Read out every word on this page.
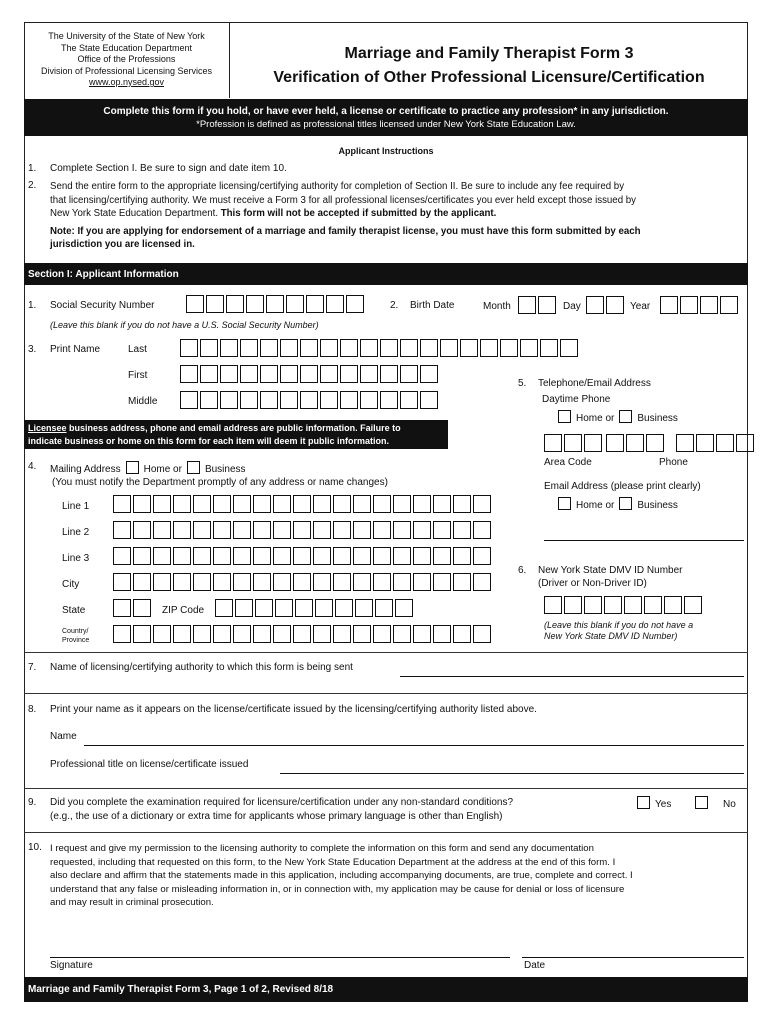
The University of the State of New York
The State Education Department
Office of the Professions
Division of Professional Licensing Services
www.op.nysed.gov
Marriage and Family Therapist Form 3
Verification of Other Professional Licensure/Certification
Complete this form if you hold, or have ever held, a license or certificate to practice any profession* in any jurisdiction.
*Profession is defined as professional titles licensed under New York State Education Law.
Applicant Instructions
1. Complete Section I. Be sure to sign and date item 10.
2. Send the entire form to the appropriate licensing/certifying authority for completion of Section II. Be sure to include any fee required by
that licensing/certifying authority. We must receive a Form 3 for all professional licenses/certificates you ever held except those issued by
New York State Education Department. This form will not be accepted if submitted by the applicant.
Note: If you are applying for endorsement of a marriage and family therapist license, you must have this form submitted by each
jurisdiction you are licensed in.
Section I: Applicant Information
1. Social Security Number
(Leave this blank if you do not have a U.S. Social Security Number)
2. Birth Date	Month	Day	Year
3. Print Name	Last
First
Middle
Licensee business address, phone and email address are public information. Failure to
indicate business or home on this form for each item will deem it public information.
5. Telephone/Email Address
Daytime Phone
Home or Business
Area Code	Phone
Email Address (please print clearly)
Home or Business
4. Mailing Address Home or Business
(You must notify the Department promptly of any address or name changes)
Line 1
Line 2
Line 3
City
State	ZIP Code
Country/
Province
6. New York State DMV ID Number
(Driver or Non-Driver ID)
(Leave this blank if you do not have a
New York State DMV ID Number)
7. Name of licensing/certifying authority to which this form is being sent
8. Print your name as it appears on the license/certificate issued by the licensing/certifying authority listed above.
Name
Professional title on license/certificate issued
9. Did you complete the examination required for licensure/certification under any non-standard conditions?
(e.g., the use of a dictionary or extra time for applicants whose primary language is other than English)
Yes	No
10. I request and give my permission to the licensing authority to complete the information on this form and send any documentation
requested, including that requested on this form, to the New York State Education Department at the address at the end of this form. I
also declare and affirm that the statements made in this application, including accompanying documents, are true, complete and correct. I
understand that any false or misleading information in, or in connection with, my application may be cause for denial or loss of licensure
and may result in criminal prosecution.
Signature	Date
Marriage and Family Therapist Form 3, Page 1 of 2, Revised 8/18
